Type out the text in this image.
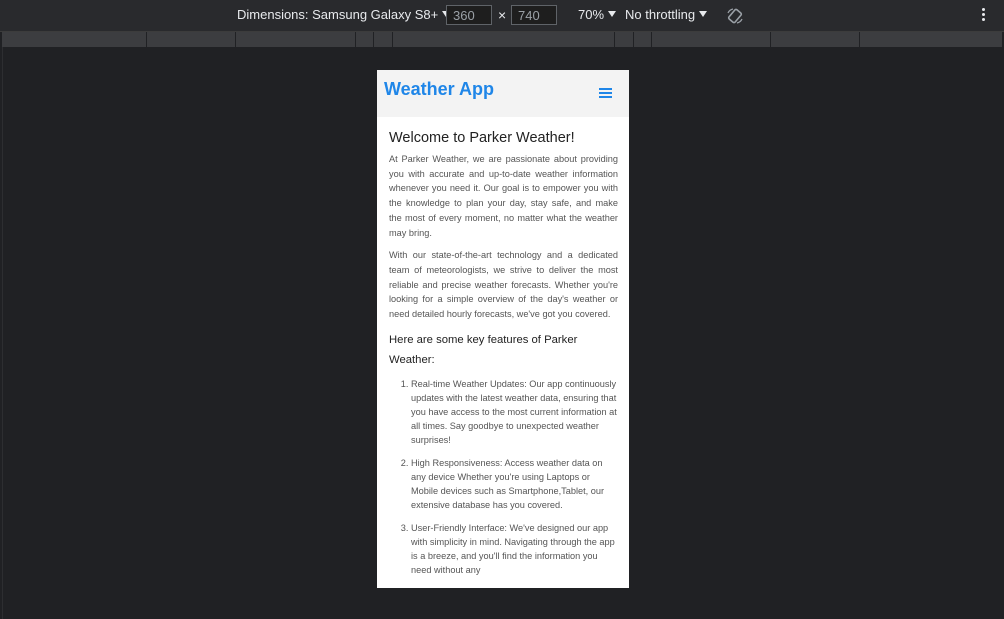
Dimensions: Samsung Galaxy S8+	360	× 740	70%	No throttling
Weather App
Welcome to Parker Weather!

At Parker Weather, we are passionate about providing you with accurate and up-to-date weather information whenever you need it. Our goal is to empower you with the knowledge to plan your day, stay safe, and make the most of every moment, no matter what the weather may bring.

With our state-of-the-art technology and a dedicated team of meteorologists, we strive to deliver the most reliable and precise weather forecasts. Whether you're looking for a simple overview of the day's weather or need detailed hourly forecasts, we've got you covered.

Here are some key features of Parker Weather:

1. Real-time Weather Updates: Our app continuously updates with the latest weather data, ensuring that you have access to the most current information at all times. Say goodbye to unexpected weather surprises!
2. High Responsiveness: Access weather data on any device Whether you're using Laptops or Mobile devices such as Smartphone,Tablet, our extensive database has you covered.
3. User-Friendly Interface: We've designed our app with simplicity in mind. Navigating through the app is a breeze, and you'll find the information you need without any
